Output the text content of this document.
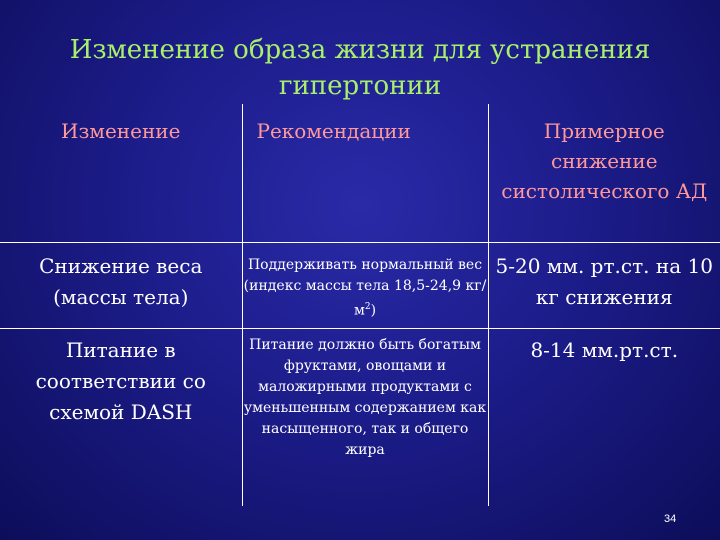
Изменение образа жизни для устранения
гипертонии
Изменение	Рекомендации	Примерное снижение систолического АД

Снижение веса (массы тела)	Поддерживать нормальный вес (индекс массы тела 18,5-24,9 $кг/м^2$)	5-20 мм. рт.ст. на 10 кг снижения

Питание в соответствии со схемой DASH	Питание должно быть богатым фруктами, овощами и маложирными продуктами с уменьшенным содержанием как насыщенного, так и общего жира	8-14 мм.рт.ст.
34
